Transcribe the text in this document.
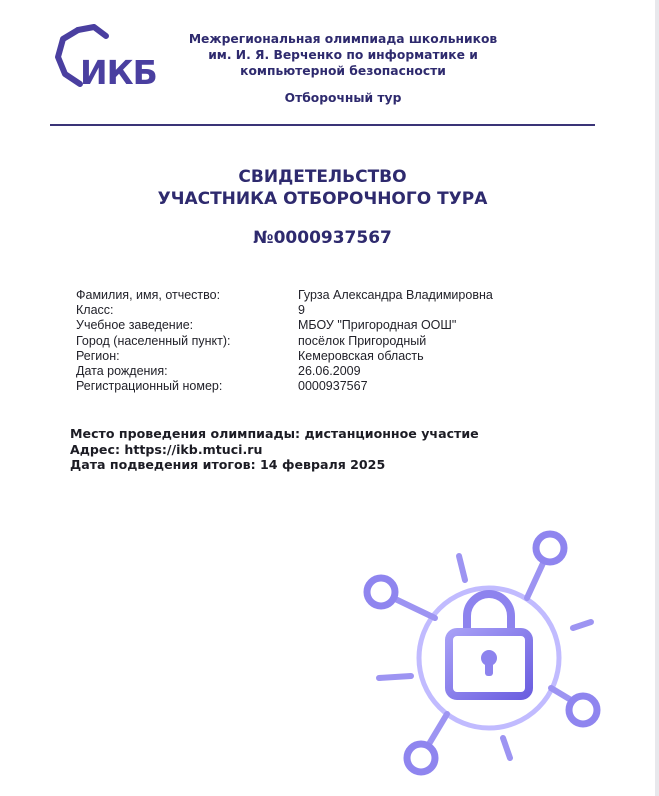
ИКБ
Межрегиональная олимпиада школьников
им. И. Я. Верченко по информатике и
компьютерной безопасности
Отборочный тур
СВИДЕТЕЛЬСТВО
УЧАСТНИКА ОТБОРОЧНОГО ТУРА
№0000937567
Фамилия, имя, отчество:	Гурза Александра Владимировна
Класс:	9
Учебное заведение:	МБОУ "Пригородная ООШ"
Город (населенный пункт):	посёлок Пригородный
Регион:	Кемеровская область
Дата рождения:	26.06.2009
Регистрационный номер:	0000937567
Место проведения олимпиады: дистанционное участие
Адрес: https://ikb.mtuci.ru
Дата подведения итогов: 14 февраля 2025
